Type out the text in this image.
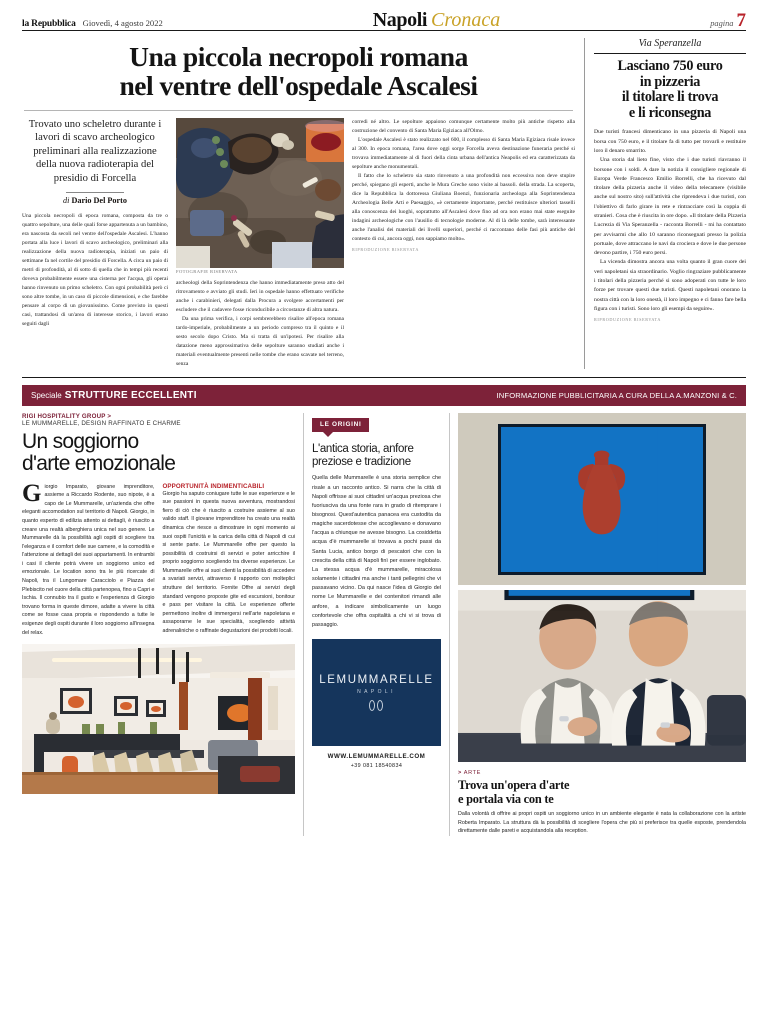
la Repubblica Giovedì, 4 agosto 2022	Napoli Cronaca	pagina 7
Una piccola necropoli romana
nel ventre dell'ospedale Ascalesi
Trovato uno scheletro durante i lavori di scavo archeologico preliminari alla realizzazione della nuova radioterapia del presidio di Forcella
di Dario Del Porto

Una piccola necropoli di epoca romana, composta da tre o quattro sepolture, una delle quali forse appartenuta a un bambino, era nascosta da secoli nel ventre dell'ospedale Ascalesi. L'hanno portata alla luce i lavori di scavo archeologico, preliminari alla realizzazione della nuova radioterapia, iniziati un paio di settimane fa nel cortile del presidio di Forcella. A circa un paio di metri di profondità, al di sotto di quella che in tempi più recenti doveva probabilmente essere una cisterna per l'acqua, gli operai hanno rinvenuto un primo scheletro. Con ogni probabilità però ci sono altre tombe, in un caso di piccole dimensioni, e che farebbe pensare al corpo di un giovanissimo. Come previsto in questi casi, trattandosi di un'area di interesse storico, i lavori erano seguiti dagli

FOTOGRAFIE RISERVATA

archeologi della Soprintendenza che hanno immediatamente preso atto del ritrovamento e avviato gli studi. Ieri in ospedale hanno effettuato verifiche anche i carabinieri, delegati dalla Procura a svolgere accertamenti per escludere che il cadavere fosse riconducibile a circostanze di altra natura.

Da una prima verifica, i corpi sembrerebbero risalire all'epoca romana tardo-imperiale, probabilmente a un periodo compreso tra il quinto e il sesto secolo dopo Cristo. Ma si tratta di un'ipotesi. Per risalire alla datazione meno approssimativa delle sepolture saranno studiati anche i materiali eventualmente presenti nelle tombe che erano scavate nel terreno, senza

corredi né altro. Le sepolture appaiono comunque certamente molto più antiche rispetto alla costruzione del convento di Santa Maria Egiziaca all'Olmo.

L'ospedale Ascalesi è stato realizzato nel 600, il complesso di Santa Maria Egiziaca risale invece al 300. In epoca romana, l'area dove oggi sorge Forcella aveva destinazione funeraria perché si trovava immediatamente al di fuori della cinta urbana dell'antica Neapolis ed era caratterizzata da sepolture anche monumentali.

Il fatto che lo scheletro sia stato rinvenuto a una profondità non eccessiva non deve stupire perché, spiegano gli esperti, anche le Mura Greche sono visite ai bassoli. della strada. La scoperta, dice la Repubblica la dottoressa Giuliana Boenzi, funzionaria archeologa alla Soprintendenza Archeologia Belle Arti e Paesaggio, «è certamente importante, perché restituisce ulteriori tasselli alla conoscenza dei luoghi, soprattutto all'Ascalesi dove fino ad ora non erano mai state eseguite indagini archeologiche con l'ausilio di tecnologie moderne. Al di là delle tombe, sarà interessante anche l'analisi dei materiali dei livelli superiori, perché ci raccontano delle fasi più antiche del contesto di cui, ancora oggi, non sappiamo molto».

RIPRODUZIONE RISERVATA
Via Speranzella
Lasciano 750 euro
in pizzeria
il titolare li trova
e li riconsegna

Due turisti francesi dimenticano in una pizzeria di Napoli una borsa con 750 euro, e il titolare fa di tutto per trovarli e restituire loro il denaro smarrito.

Una storia dal lieto fine, visto che i due turisti riavranno il borsone con i soldi. A dare la notizia il consigliere regionale di Europa Verde Francesco Emilio Borrelli, che ha ricevuto dal titolare della pizzeria anche il video della telecamere (visibile anche sul nostro sito) sull'attività che riprendeva i due turisti, con l'obiettivo di farlo girare in rete e rintracciare così la coppia di stranieri. Cosa che è riuscita in ore dopo. «Il titolare della Pizzeria Lucrezia di Via Speranzella - racconta Borrelli - mi ha contattato per avvisarmi che allo 10 saranno riconsegnati presso la polizia portuale, dove attraccano le navi da crociera e dove le due persone devono partire, i 750 euro persi.

La vicenda dimostra ancora una volta quanto il gran cuore dei veri napoletani sia straordinario. Voglio ringraziare pubblicamente i titolari della pizzeria perché si sono adoperati con tutte le loro forze per trovare questi due turisti. Questi napoletani onorano la nostra città con la loro onestà, il loro impegno e ci fanno fare bella figura con i turisti. Sono loro gli esempi da seguire».

RIPRODUZIONE RISERVATA
Speciale STRUTTURE ECCELLENTI	INFORMAZIONE PUBBLICITARIA A CURA DELLA A.MANZONI & C.
RIGI HOSPITALITY GROUP >
LE MUMMARELLE, DESIGN RAFFINATO E CHARME
Un soggiorno
d'arte emozionale
Giorgio Imparato, giovane imprenditore, assieme a Riccardo Rodente, suo nipote, è a capo de Le Mummarelle, un'azienda che offre eleganti accomodation sul territorio di Napoli. Giorgio, in quanto esperto di edilizia attento ai dettagli, è riuscito a creare una realtà alberghiera unica nel suo genere. Le Mummarelle dà la possibilità agli ospiti di scegliere tra l'eleganza e il comfort delle sue camere, e la comodità e l'attenzione ai dettagli dei suoi appartamenti. In entrambi i casi il cliente potrà vivere un soggiorno unico ed emozionale. Le location sono tra le più ricercate di Napoli, tra il Lungomare Caracciolo e Piazza del Plebiscito nel cuore della città partenopea, fino a Capri e Ischia. Il connubio tra il gusto e l'esperienza di Giorgio trovano forma in queste dimore, adatte a vivere la città come se fosse casa propria e rispondendo a tutte le esigenze degli ospiti durante il loro soggiorno all'insegna del relax.
OPPORTUNITÀ INDIMENTICABILI
Giorgio ha saputo coniugare tutte le sue esperienze e le sue passioni in questa nuova avventura, mostrandosi fiero di ciò che è riuscito a costruire assieme al suo valido staff. Il giovane imprenditore ha creato una realtà dinamica che riesce a dimostrare in ogni momento ai suoi ospiti l'unicità e la carica della città di Napoli di cui si sente parte. Le Mummarelle offre per questo la possibilità di costruirsi di servizi e poter arricchire il proprio soggiorno scegliendo tra diverse esperienze. Le Mummarelle offre ai suoi clienti la possibilità di accedere a svariati servizi, attraverso il rapporto con molteplici strutture del territorio. Fornite Offre ai servizi degli standard vengono proposte gite ed escursioni, bonitour e pass per visitare la città. Le esperienze offerte permettono inoltre di immergersi nell'arte napoletana e assaporarne le sue specialità, scegliendo attività adrenaliniche o raffinate degustazioni dei prodotti locali.
LE ORIGINI
L'antica storia, anfore
preziose e tradizione

Quella delle Mummarelle è una storia semplice che risale a un racconto antico. Si narra che la città di Napoli offrisse ai suoi cittadini un'acqua preziosa che fuoriusciva da una fonte rara in grado di ritemprare i bisognosi. Quest'autentica panacea era custodita da magiche sacerdotesse che accoglievano e donavano l'acqua a chiunque ne avesse bisogno. La cosiddetta acqua d'è mummarelle si trovava a pochi passi da Santa Lucia, antico borgo di pescatori che con la crescita della città di Napoli finì per essere inglobato. La stessa acqua d'è mummarelle, miracolosa solamente i cittadini ma anche i tanti pellegrini che vi passavano vicino. Da qui nasce l'idea di Giorgio del nome Le Mummarelle e dei contenitori rimandi alle anfore, a indicare simbolicamente un luogo confortevole che offra ospitalità a chi vi si trova di passaggio.

LEMUMMARELLE
NAPOLI
WWW.LEMUMMARELLE.COM
+39 081 18540834
> ARTE
Trova un'opera d'arte
e portala via con te

Dalla volontà di offrire ai propri ospiti un soggiorno unico in un ambiente elegante è nata la collaborazione con la artiste Roberta Imparato. La struttura dà la possibilità di scegliere l'opera che più si preferisce tra quelle esposte, prendendola direttamente dalle pareti e acquistandola alla reception.
